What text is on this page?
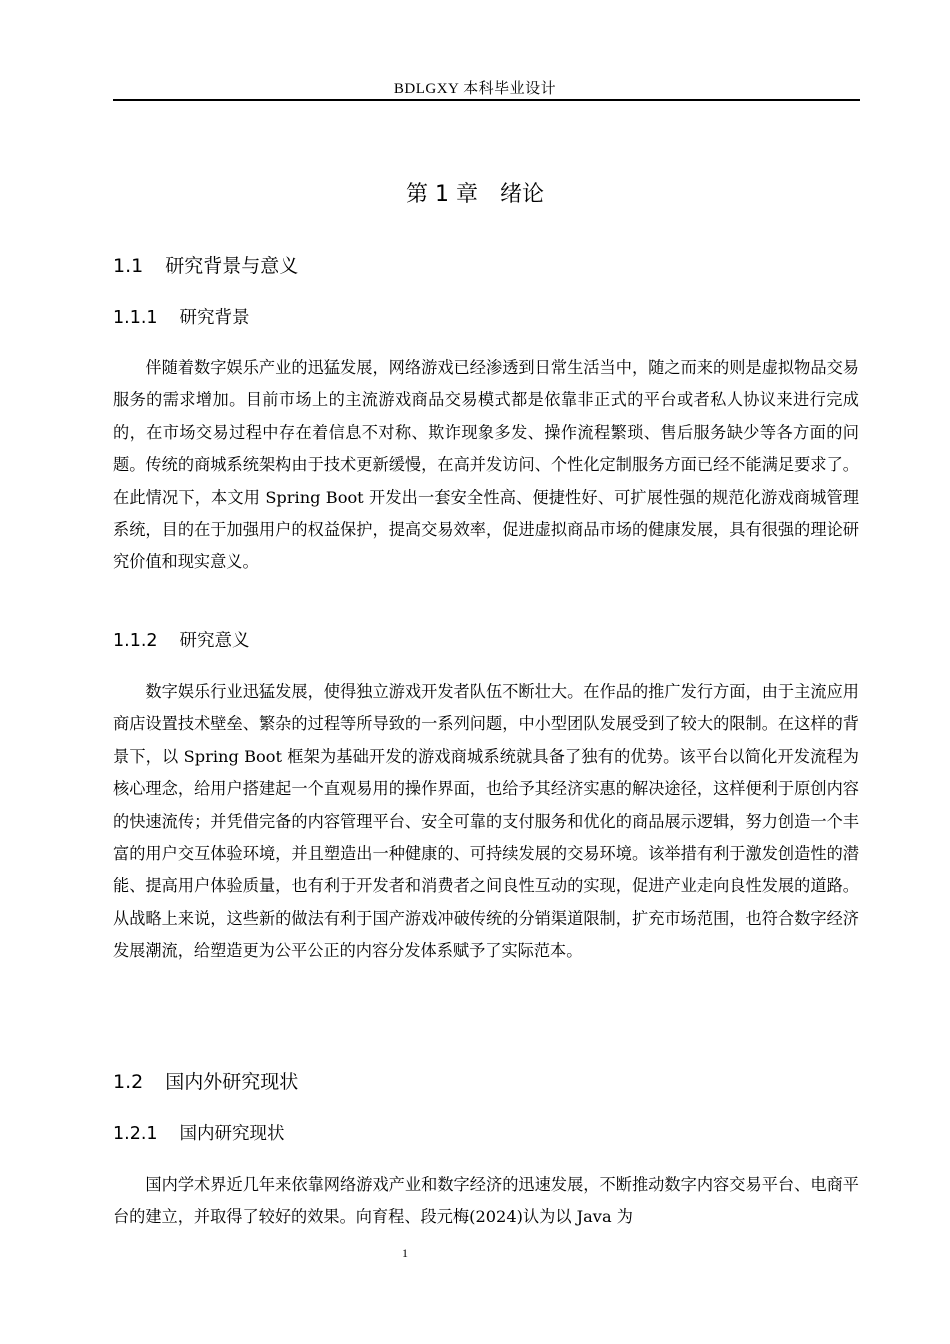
BDLGXY 本科毕业设计
第 1 章　绪论
1.1 研究背景与意义
1.1.1 研究背景

伴随着数字娱乐产业的迅猛发展，网络游戏已经渗透到日常生活当中，随之而来的则是虚拟物品交易服务的需求增加。目前市场上的主流游戏商品交易模式都是依靠非正式的平台或者私人协议来进行完成的，在市场交易过程中存在着信息不对称、欺诈现象多发、操作流程繁琐、售后服务缺少等各方面的问题。传统的商城系统架构由于技术更新缓慢，在高并发访问、个性化定制服务方面已经不能满足要求了。在此情况下，本文用 Spring Boot 开发出一套安全性高、便捷性好、可扩展性强的规范化游戏商城管理系统，目的在于加强用户的权益保护，提高交易效率，促进虚拟商品市场的健康发展，具有很强的理论研究价值和现实意义。

1.1.2 研究意义

数字娱乐行业迅猛发展，使得独立游戏开发者队伍不断壮大。在作品的推广发行方面，由于主流应用商店设置技术壁垒、繁杂的过程等所导致的一系列问题，中小型团队发展受到了较大的限制。在这样的背景下，以 Spring Boot 框架为基础开发的游戏商城系统就具备了独有的优势。该平台以简化开发流程为核心理念，给用户搭建起一个直观易用的操作界面，也给予其经济实惠的解决途径，这样便利于原创内容的快速流传；并凭借完备的内容管理平台、安全可靠的支付服务和优化的商品展示逻辑，努力创造一个丰富的用户交互体验环境，并且塑造出一种健康的、可持续发展的交易环境。该举措有利于激发创造性的潜能、提高用户体验质量，也有利于开发者和消费者之间良性互动的实现，促进产业走向良性发展的道路。从战略上来说，这些新的做法有利于国产游戏冲破传统的分销渠道限制，扩充市场范围，也符合数字经济发展潮流，给塑造更为公平公正的内容分发体系赋予了实际范本。

1.2 国内外研究现状
1.2.1 国内研究现状

国内学术界近几年来依靠网络游戏产业和数字经济的迅速发展，不断推动数字内容交易平台、电商平台的建立，并取得了较好的效果。向育程、段元梅(2024)认为以 Java 为

1
